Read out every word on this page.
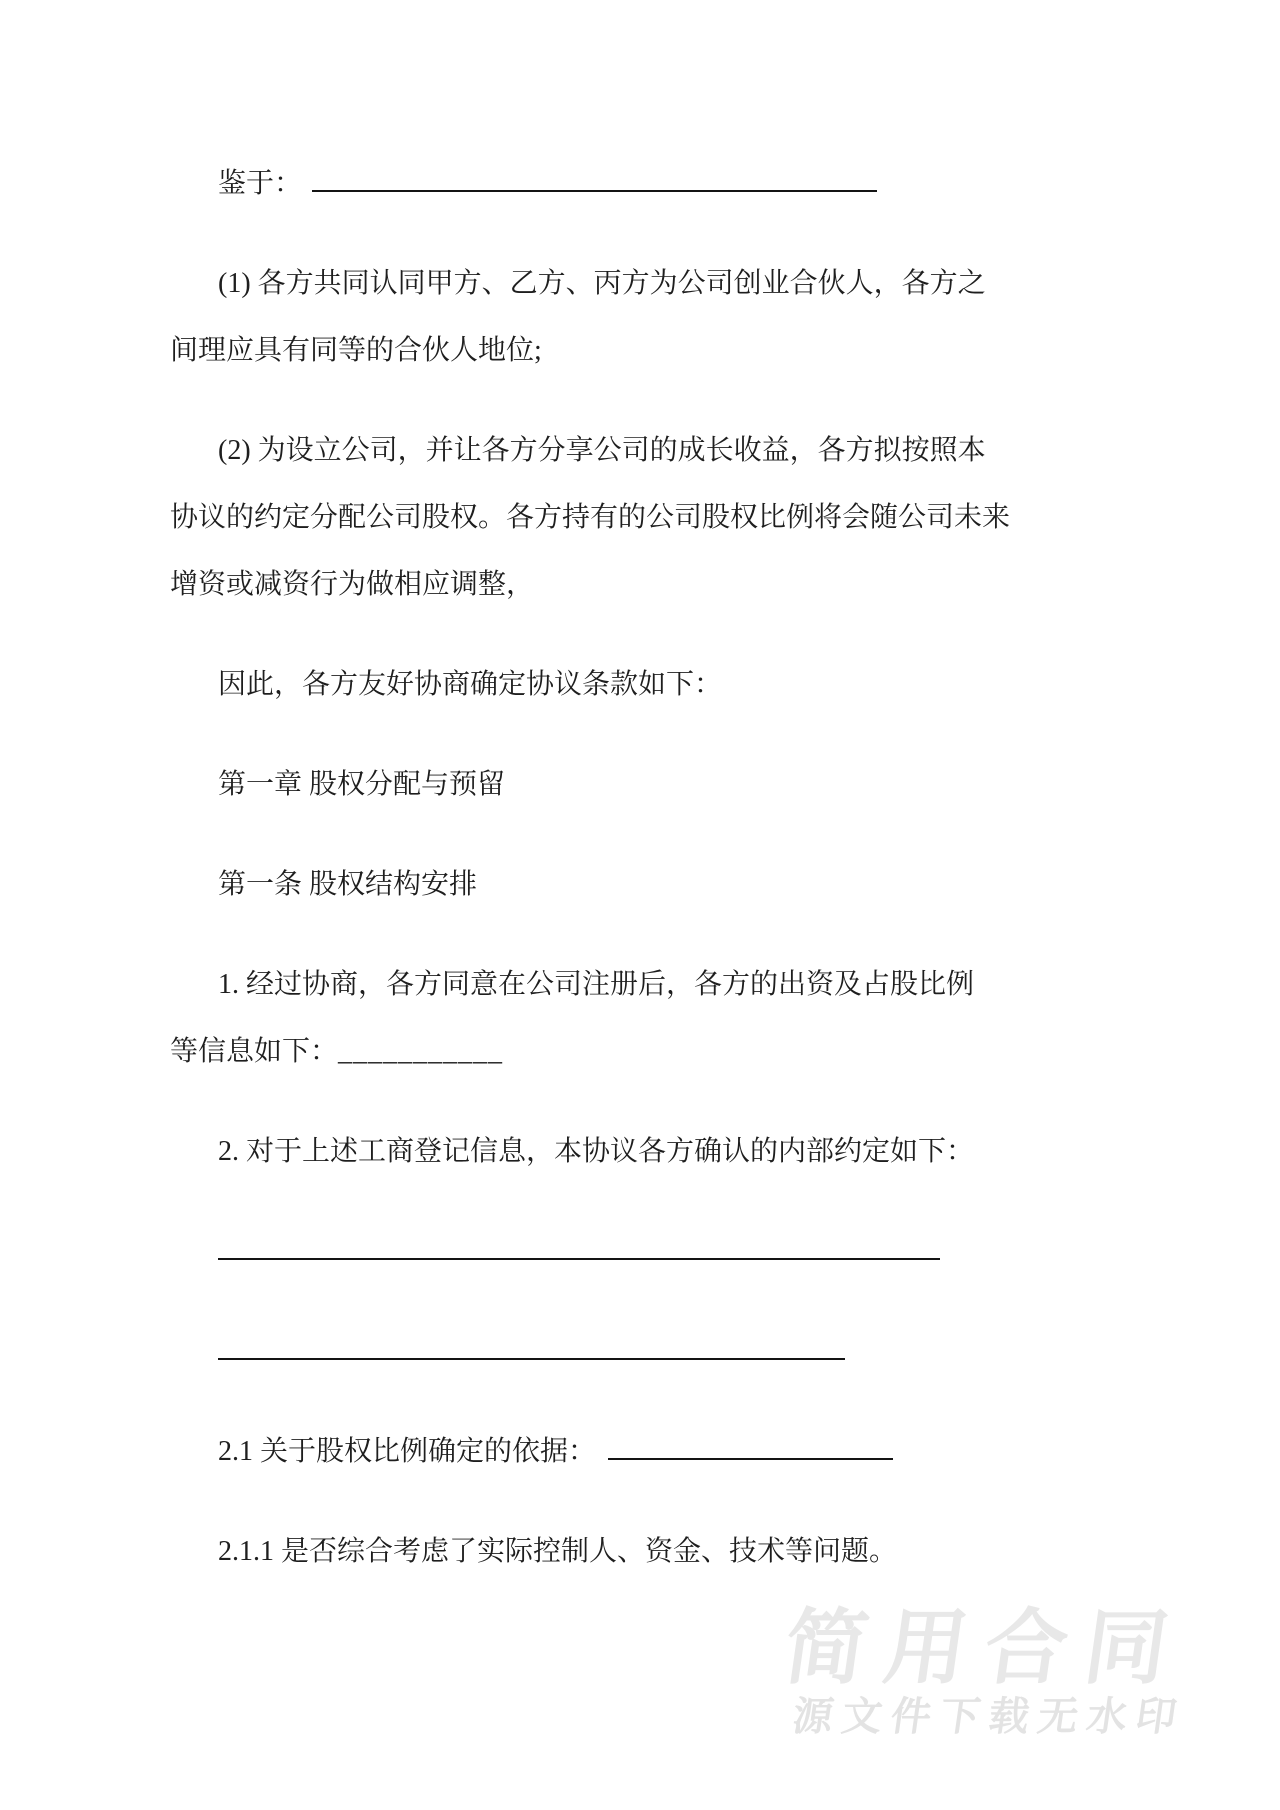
鉴于：

(1) 各方共同认同甲方、乙方、丙方为公司创业合伙人，各方之
间理应具有同等的合伙人地位;

(2) 为设立公司，并让各方分享公司的成长收益，各方拟按照本
协议的约定分配公司股权。各方持有的公司股权比例将会随公司未来
增资或减资行为做相应调整，

因此，各方友好协商确定协议条款如下：

第一章 股权分配与预留

第一条 股权结构安排

1. 经过协商，各方同意在公司注册后，各方的出资及占股比例
等信息如下：___________

2. 对于上述工商登记信息，本协议各方确认的内部约定如下：

2.1 关于股权比例确定的依据：

2.1.1 是否综合考虑了实际控制人、资金、技术等问题。

简用合同
源文件下载无水印
